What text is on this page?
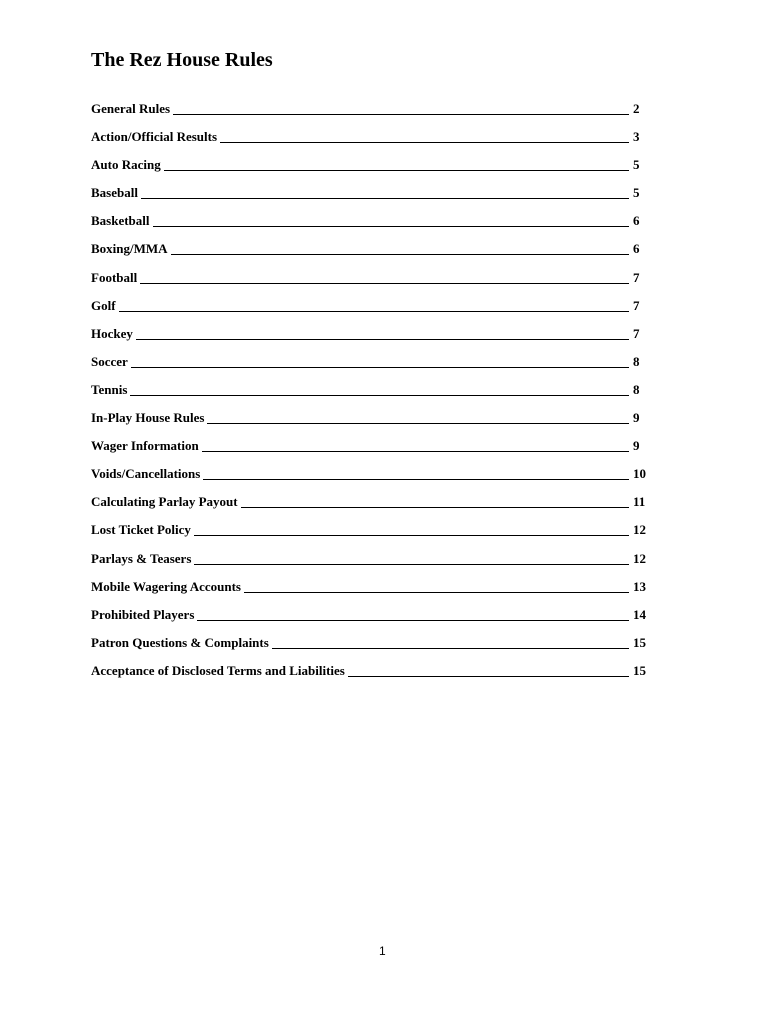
The Rez House Rules
General Rules	2
Action/Official Results	3
Auto Racing	5
Baseball	5
Basketball	6
Boxing/MMA	6
Football	7
Golf	7
Hockey	7
Soccer	8
Tennis	8
In-Play House Rules	9
Wager Information	9
Voids/Cancellations	10
Calculating Parlay Payout	11
Lost Ticket Policy	12
Parlays & Teasers	12
Mobile Wagering Accounts	13
Prohibited Players	14
Patron Questions & Complaints	15
Acceptance of Disclosed Terms and Liabilities	15
1
